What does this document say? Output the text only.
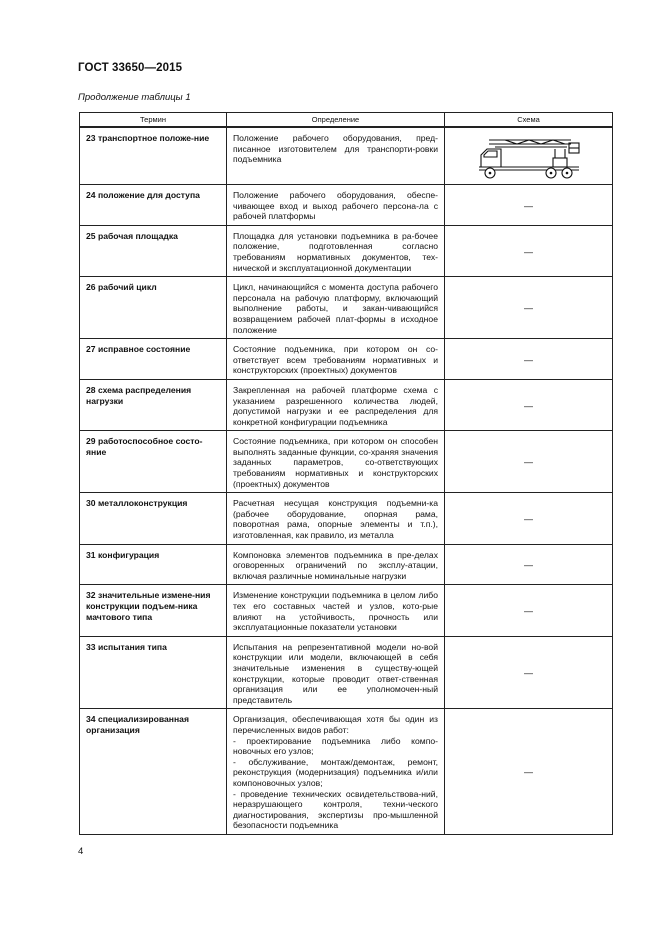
ГОСТ 33650—2015
Продолжение таблицы 1
Термин	Определение	Схема
23 транспортное положе-ние	Положение рабочего оборудования, пред-писанное изготовителем для транспорти-ровки подъемника	

24 положение для доступа	Положение рабочего оборудования, обеспе-чивающее вход и выход рабочего персона-ла с рабочей платформы	—
25 рабочая площадка	Площадка для установки подъемника в ра-бочее положение, подготовленная согласно требованиям нормативных документов, тех-нической и эксплуатационной документации	—
26 рабочий цикл	Цикл, начинающийся с момента доступа рабочего персонала на рабочую платформу, включающий выполнение работы, и закан-чивающийся возвращением рабочей плат-формы в исходное положение	—
27 исправное состояние	Состояние подъемника, при котором он со-ответствует всем требованиям нормативных и конструкторских (проектных) документов	—
28 схема распределения нагрузки	Закрепленная на рабочей платформе схема с указанием разрешенного количества людей, допустимой нагрузки и ее распределения для конкретной конфигурации подъемника	—
29 работоспособное состо-яние	Состояние подъемника, при котором он способен выполнять заданные функции, со-храняя значения заданных параметров, со-ответствующих требованиям нормативных и конструкторских (проектных) документов	—
30 металлоконструкция	Расчетная несущая конструкция подъемни-ка (рабочее оборудование, опорная рама, поворотная рама, опорные элементы и т.п.), изготовленная, как правило, из металла	—
31 конфигурация	Компоновка элементов подъемника в пре-делах оговоренных ограничений по эксплу-атации, включая различные номинальные нагрузки	—
32 значительные измене-ния конструкции подъем-ника мачтового типа	Изменение конструкции подъемника в целом либо тех его составных частей и узлов, кото-рые влияют на устойчивость, прочность или эксплуатационные показатели установки	—
33 испытания типа	Испытания на репрезентативной модели но-вой конструкции или модели, включающей в себя значительные изменения в существу-ющей конструкции, которые проводит ответ-ственная организация или ее уполномочен-ный представитель	—
34 специализированная организация	Организация, обеспечивающая хотя бы один из перечисленных видов работ:
- проектирование подъемника либо компо-новочных его узлов;
- обслуживание, монтаж/демонтаж, ремонт, реконструкция (модернизация) подъемника и/или компоновочных узлов;
- проведение технических освидетельствова-ний, неразрушающего контроля, техни-ческого диагностирования, экспертизы про-мышленной безопасности подъемника	—
4
